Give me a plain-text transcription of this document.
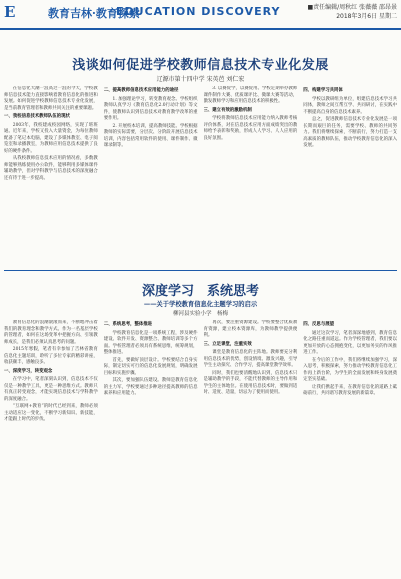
E	教育吉林·教育探索
EDUCATION DISCOVERY	■责任编辑/周秋红 张薇薇 邵昂景
2018年3月6日 星期二
浅谈如何促进学校教师信息技术专业化发展
辽源市第十四中学 宋英芭 刘仁宏

在信息化大潮一浪高过一浪的今天，学校教师信息技术能力直接影响着教育信息化的推进和发展。如何促进学校教师信息技术专业化发展，是当前教育管理者和教师共同关注的重要课题。

一、我校信息技术教师队伍的现状

2003年，我校建成校园网络，实现了班班通。近年来，学校又投入大量资金，为每位教师配备了笔记本电脑，建设了多媒体教室、电子阅览室和录播教室，为教师应用信息技术提供了良好的硬件条件。

从我校教师信息技术应用的情况看，多数教师能够熟练使用办公软件，能够利用多媒体课件辅助教学，但对学科教学与信息技术的深度融合还有待于进一步提高。

二、提高教师信息技术应用能力的途径

1. 加强理论学习，转变教育观念。学校组织教师认真学习《教育信息化2.0行动计划》等文件，使教师认识到信息技术对教育教学改革的重要作用。

2. 开展校本培训，提高教师技能。学校根据教师的实际需要，分层次、分阶段开展信息技术培训，内容包括常用软件的使用、课件制作、微课录制等。

3. 以赛促学，以赛促用。学校定期举办教师课件制作大赛、优质课评比、微课大赛等活动，激发教师学习和应用信息技术的积极性。

三、建立有效的激励机制

学校将教师信息技术应用能力纳入教师考核评价体系，对在信息技术应用方面成绩突出的教师给予表彰和奖励，形成人人学习、人人应用的良好氛围。

四、构建学习共同体

学校以教研组为单位，组建信息技术学习共同体，教师之间互帮互学、共同研讨，在实践中不断提高自身的信息技术素养。

总之，促进教师信息技术专业化发展是一项长期而艰巨的任务，需要学校、教师的共同努力。我们将继续探索，不断前行，努力打造一支高素质的教师队伍，推动学校教育信息化的深入发展。

深度学习　系统思考
——关于学校教育信息化主题学习的启示
柳河县实验小学　杨梅

教育信息化的浪潮滚滚而来，不断地冲击着我们的教育理念和教学方式。作为一名基层学校的管理者，如何在这场变革中把握方向、引领教师成长，是我们必须认真思考的问题。

2015年寒假，笔者有幸参加了吉林省教育信息化主题培训，聆听了多位专家的精彩讲座，收获颇丰，感触良多。

一、深度学习，转变观念

在学习中，笔者深刻认识到，信息技术不仅仅是一种教学工具，更是一种思维方式。教师只有真正转变观念，才能实现信息技术与学科教学的深度融合。

“互联网+教育”的时代已经到来，教师必须主动适应这一变化，不断学习新知识、新技能，才能跟上时代的步伐。

二、系统思考，整体推进

学校教育信息化是一项系统工程，涉及硬件建设、软件开发、资源整合、教师培训等多个方面。学校管理者必须具有系统思维，统筹规划，整体推进。

首先，要做好顶层设计。学校要结合自身实际，制定切实可行的信息化发展规划，明确发展目标和实施步骤。

其次，要加强队伍建设。教师是教育信息化的主力军，学校要通过多种途径提高教师的信息素养和应用能力。

再次，要注重资源建设。学校要整合优质教育资源，建立校本资源库，为教师教学提供便利。

三、立足课堂，注重实效

课堂是教育信息化的主阵地。教师要充分利用信息技术的优势，创设情境、激发兴趣，引导学生主动探究、合作学习，提高课堂教学效率。

同时，我们也要清醒地认识到，信息技术只是辅助教学的手段，不能代替教师的主导作用和学生的主体地位。在使用信息技术时，要做到适时、适度、适量，切忌为了使用而使用。

四、反思与展望

通过这次学习，笔者深深地感到，教育信息化之路任重而道远。作为学校管理者，我们要以更加开放的心态拥抱变化，以更加务实的作风推进工作。

在今后的工作中，我们将继续加强学习，深入思考，积极探索，努力推动学校教育信息化工作再上新台阶，为学生的全面发展和终身发展奠定坚实基础。

让我们携起手来，在教育信息化的道路上砥砺前行，共同谱写教育发展的新篇章。
